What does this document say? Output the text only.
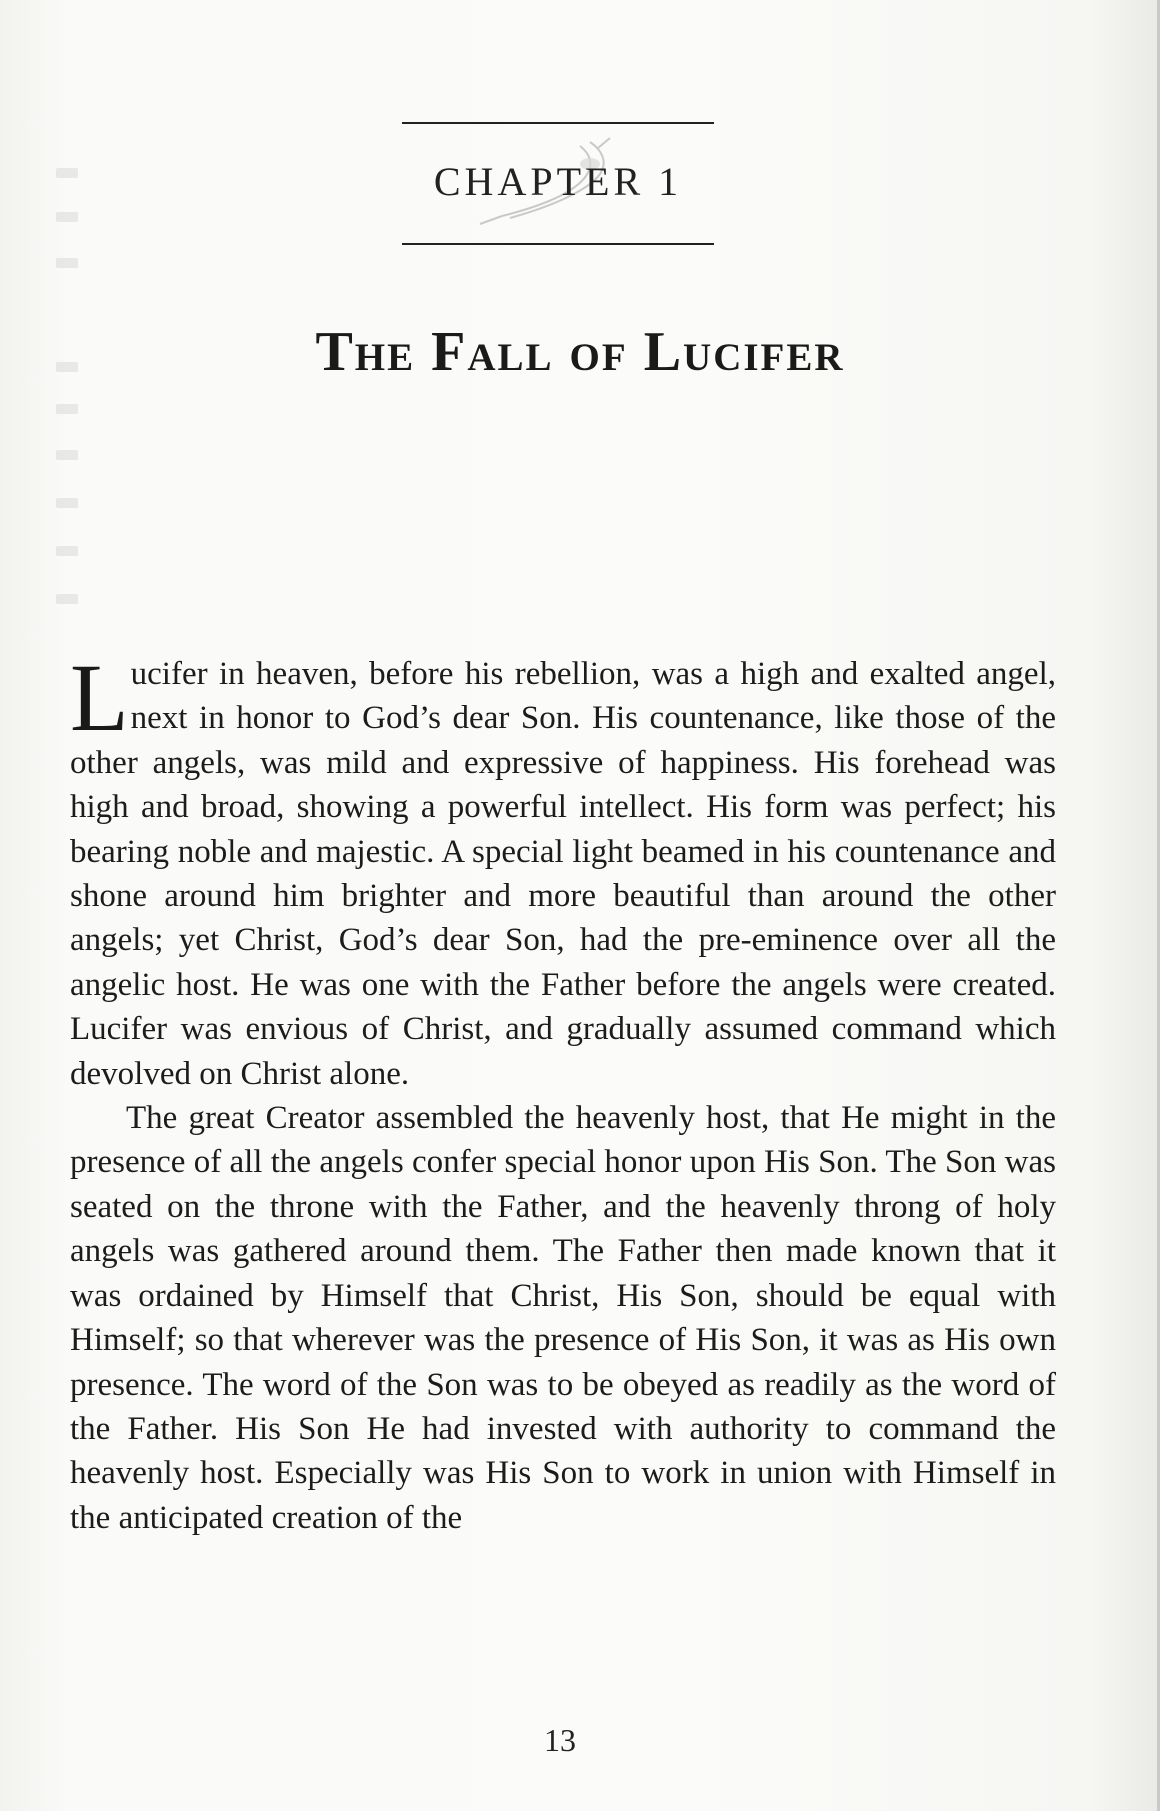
CHAPTER 1
The Fall of Lucifer

Lucifer in heaven, before his rebellion, was a high and exalted angel, next in honor to God’s dear Son. His countenance, like those of the other angels, was mild and expressive of happiness. His forehead was high and broad, showing a powerful intellect. His form was perfect; his bearing noble and majestic. A special light beamed in his countenance and shone around him brighter and more beautiful than around the other angels; yet Christ, God’s dear Son, had the pre-eminence over all the angelic host. He was one with the Father before the angels were created. Lucifer was envious of Christ, and gradually assumed command which devolved on Christ alone.

The great Creator assembled the heavenly host, that He might in the presence of all the angels confer special honor upon His Son. The Son was seated on the throne with the Father, and the heavenly throng of holy angels was gathered around them. The Father then made known that it was ordained by Himself that Christ, His Son, should be equal with Himself; so that wherever was the presence of His Son, it was as His own presence. The word of the Son was to be obeyed as readily as the word of the Father. His Son He had invested with authority to command the heavenly host. Especially was His Son to work in union with Himself in the anticipated creation of the

13
